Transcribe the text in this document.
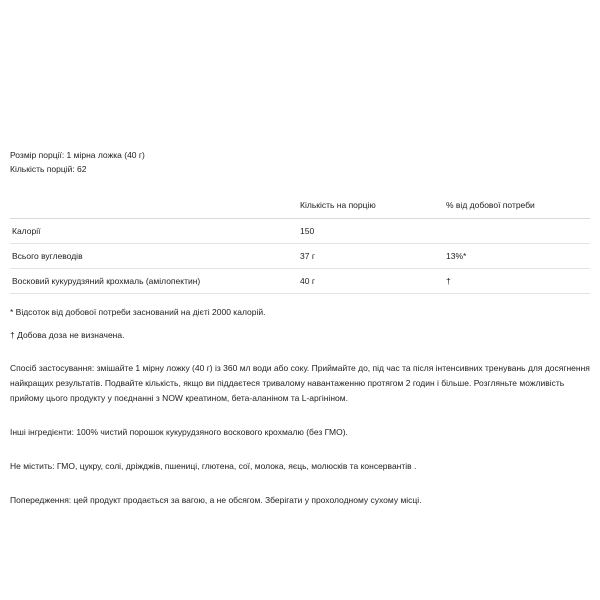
Розмір порції: 1 мірна ложка (40 г)
Кількість порцій: 62
	Кількість на порцію	% від добової потреби
Калорії	150	
Всього вуглеводів	37 г	13%*
Восковий кукурудзяний крохмаль (амілопектин)	40 г	†
* Відсоток від добової потреби заснований на дієті 2000 калорій.
† Добова доза не визначена.
Спосіб застосування: змішайте 1 мірну ложку (40 г) із 360 мл води або соку. Приймайте до, під час та після інтенсивних тренувань для досягнення найкращих результатів. Подвайте кількість, якщо ви піддаєтеся тривалому навантаженню протягом 2 годин і більше. Розгляньте можливість прийому цього продукту у поєднанні з NOW креатином, бета-аланіном та L-аргініном.
Інші інгредієнти: 100% чистий порошок кукурудзяного воскового крохмалю (без ГМО).
Не містить: ГМО, цукру, солі, дріжджів, пшениці, глютена, сої, молока, яєць, молюсків та консервантів .
Попередження: цей продукт продається за вагою, а не обсягом. Зберігати у прохолодному сухому місці.
